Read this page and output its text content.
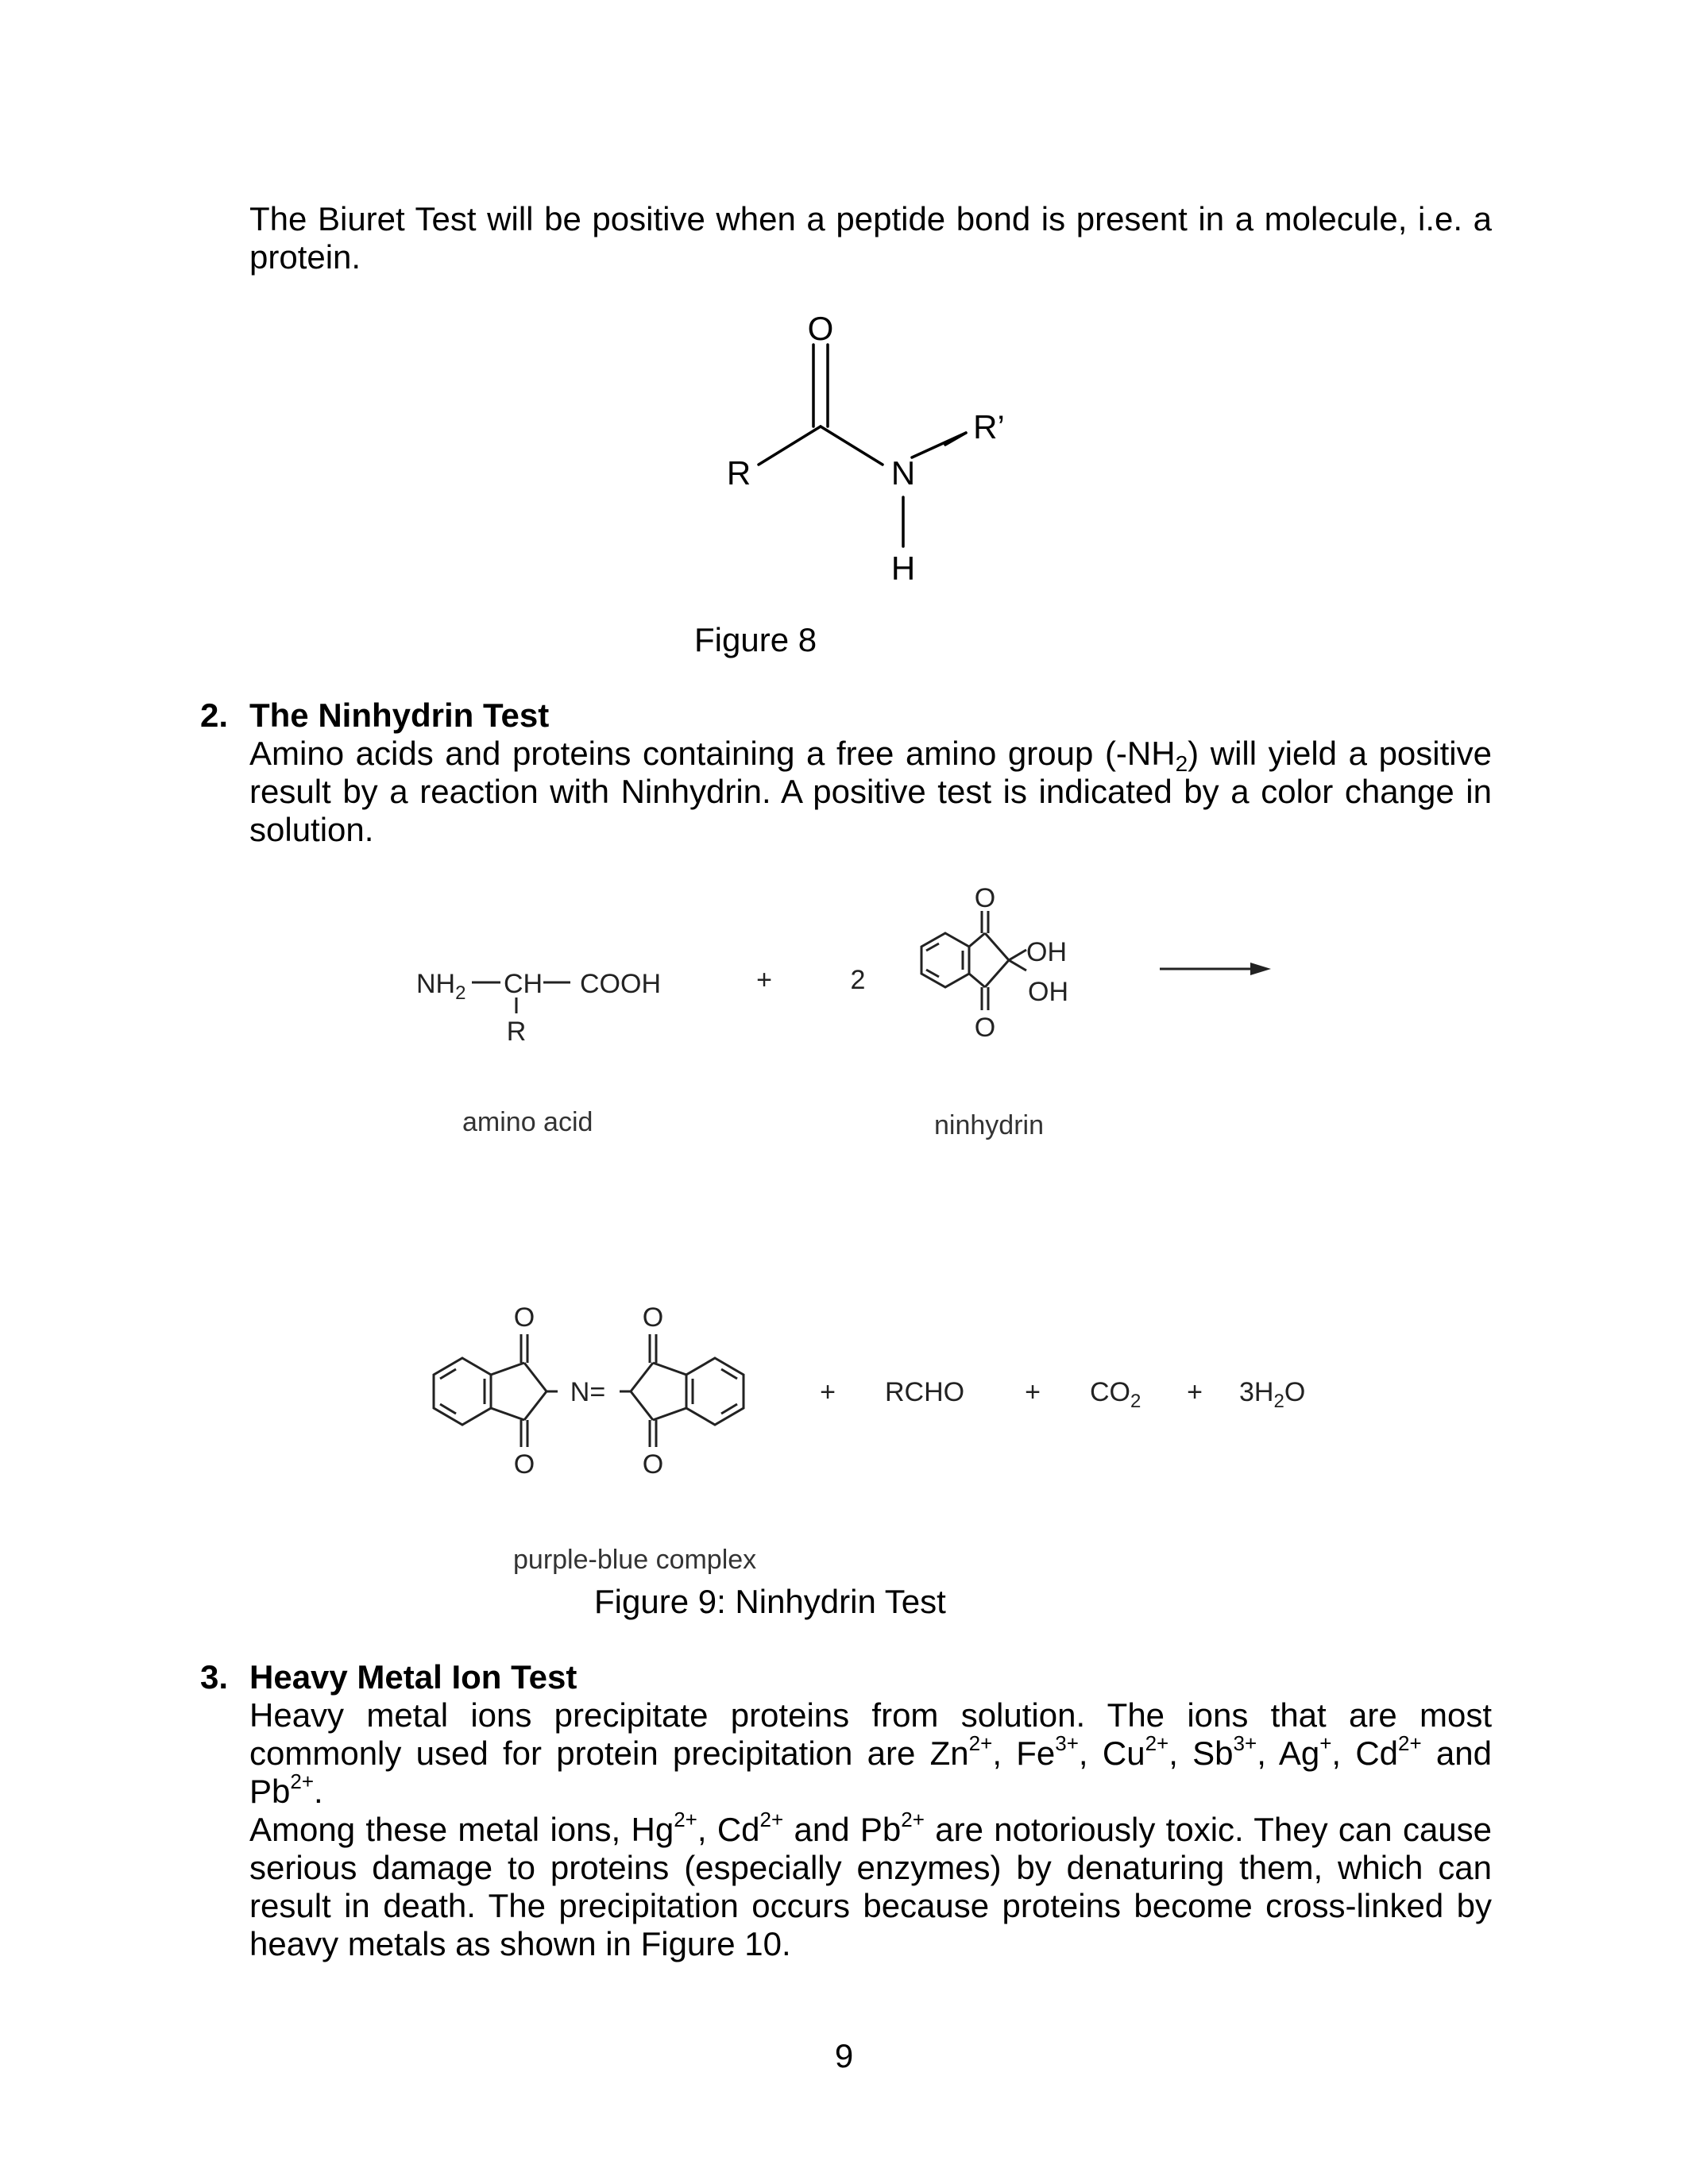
The Biuret Test will be positive when a peptide bond is present in a molecule, i.e. a protein.

O
R	N
R’
H

Figure 8

2. The Ninhydrin Test

Amino acids and proteins containing a free amino group $(-NH_2)$ will yield a positive result by a reaction with Ninhydrin. A positive test is indicated by a color change in solution.

$NH_2$ CH COOH
R
+	2
O
O
OH
OH
O	O
O	O
N=	+ RCHO + $CO_2 + 3H_2O$

amino acid	ninhydrin

purple-blue complex

Figure 9: Ninhydrin Test

3. Heavy Metal Ion Test

Heavy metal ions precipitate proteins from solution. The ions that are most commonly used for protein precipitation are $Zn^{2+}$, $Fe^{3+}$, $Cu^{2+}$, $Sb^{3+}$, Ag+, $Cd^{2+}$ and $Pb^{2+}$.

Among these metal ions, $Hg^{2+}$, $Cd^{2+}$ and $Pb^{2+}$ are notoriously toxic. They can cause serious damage to proteins (especially enzymes) by denaturing them, which can result in death. The precipitation occurs because proteins become cross-linked by heavy metals as shown in Figure 10.

9
